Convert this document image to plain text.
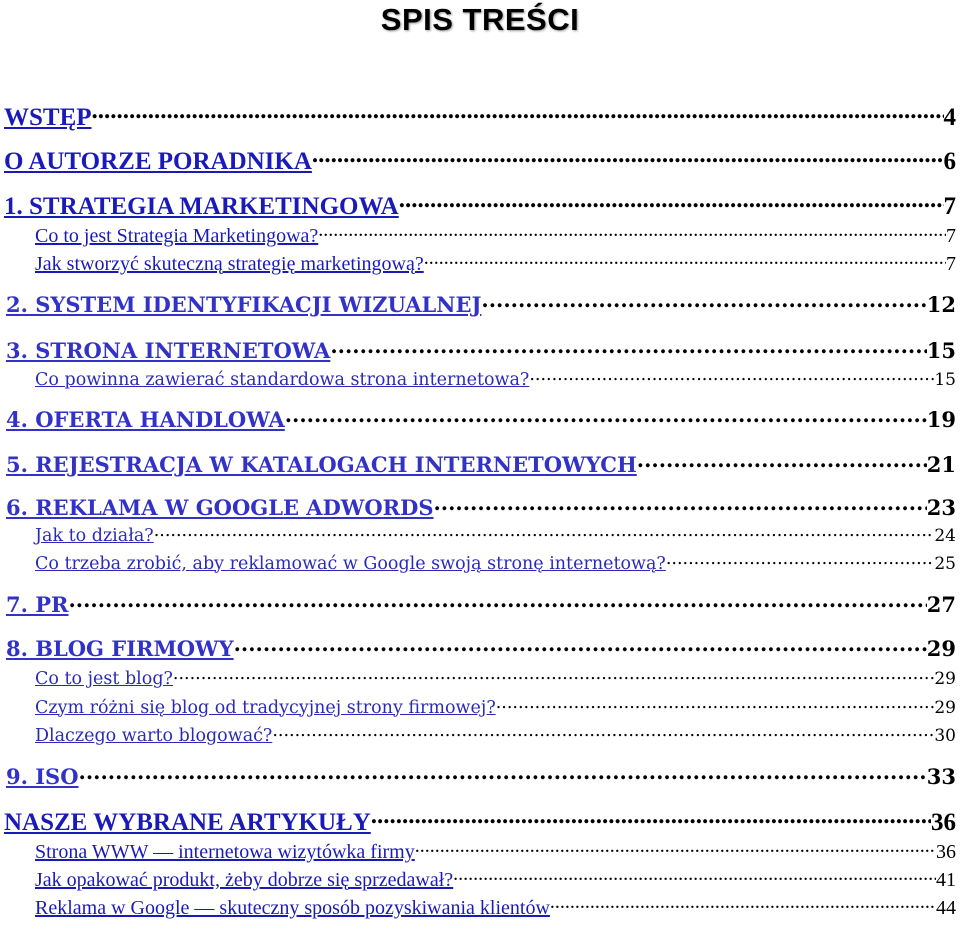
SPIS TREŚCI
WSTĘP .....	4
O AUTORZE PORADNIKA .....	6
1. STRATEGIA MARKETINGOWA .....	7
Co to jest Strategia Marketingowa? .....	7
Jak stworzyć skuteczną strategię marketingową? .....	7
2. SYSTEM IDENTYFIKACJI WIZUALNEJ .....	12
3. STRONA INTERNETOWA .....	15
Co powinna zawierać standardowa strona internetowa? .....	15
4. OFERTA HANDLOWA .....	19
5. REJESTRACJA W KATALOGACH INTERNETOWYCH .....	21
6. REKLAMA W GOOGLE ADWORDS .....	23
Jak to działa? .....	24
Co trzeba zrobić, aby reklamować w Google swoją stronę internetową? .....	25
7. PR .....	27
8. BLOG FIRMOWY .....	29
Co to jest blog? .....	29
Czym różni się blog od tradycyjnej strony firmowej? .....	29
Dlaczego warto blogować? .....	30
9. ISO .....	33
NASZE WYBRANE ARTYKUŁY .....	36
Strona WWW — internetowa wizytówka firmy .....	36
Jak opakować produkt, żeby dobrze się sprzedawał? .....	41
Reklama w Google — skuteczny sposób pozyskiwania klientów .....	44
